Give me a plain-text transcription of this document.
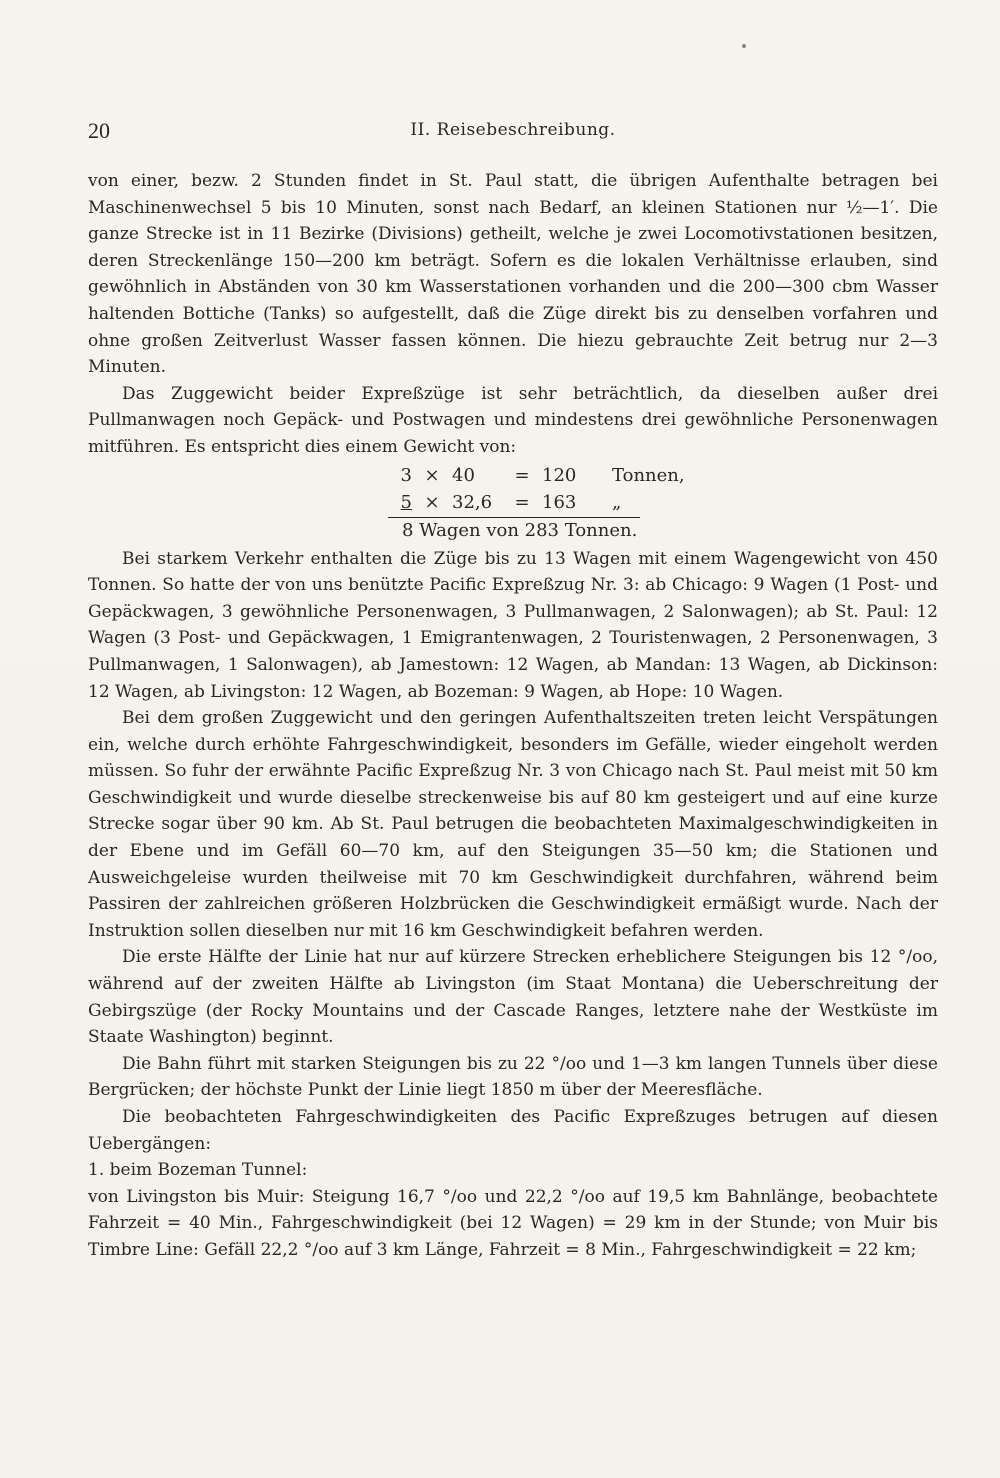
20	II. Reisebeschreibung.

von einer, bezw. 2 Stunden findet in St. Paul statt, die übrigen Aufenthalte betragen bei Maschinenwechsel 5 bis 10 Minuten, sonst nach Bedarf, an kleinen Stationen nur ½—1′. Die ganze Strecke ist in 11 Bezirke (Divisions) getheilt, welche je zwei Locomotivstationen besitzen, deren Streckenlänge 150—200 km beträgt. Sofern es die lokalen Verhältnisse erlauben, sind gewöhnlich in Abständen von 30 km Wasserstationen vorhanden und die 200—300 cbm Wasser haltenden Bottiche (Tanks) so aufgestellt, daß die Züge direkt bis zu denselben vorfahren und ohne großen Zeitverlust Wasser fassen können. Die hiezu gebrauchte Zeit betrug nur 2—3 Minuten.

Das Zuggewicht beider Expreßzüge ist sehr beträchtlich, da dieselben außer drei Pullmanwagen noch Gepäck- und Postwagen und mindestens drei gewöhnliche Personenwagen mitführen. Es entspricht dies einem Gewicht von:

3 × 40	= 120	Tonnen,
5 × 32,6	= 163	„
8 Wagen von 283 Tonnen.

Bei starkem Verkehr enthalten die Züge bis zu 13 Wagen mit einem Wagengewicht von 450 Tonnen. So hatte der von uns benützte Pacific Expreßzug Nr. 3: ab Chicago: 9 Wagen (1 Post- und Gepäckwagen, 3 gewöhnliche Personenwagen, 3 Pullmanwagen, 2 Salonwagen); ab St. Paul: 12 Wagen (3 Post- und Gepäckwagen, 1 Emigrantenwagen, 2 Touristenwagen, 2 Personenwagen, 3 Pullmanwagen, 1 Salonwagen), ab Jamestown: 12 Wagen, ab Mandan: 13 Wagen, ab Dickinson: 12 Wagen, ab Livingston: 12 Wagen, ab Bozeman: 9 Wagen, ab Hope: 10 Wagen.

Bei dem großen Zuggewicht und den geringen Aufenthaltszeiten treten leicht Verspätungen ein, welche durch erhöhte Fahrgeschwindigkeit, besonders im Gefälle, wieder eingeholt werden müssen. So fuhr der erwähnte Pacific Expreßzug Nr. 3 von Chicago nach St. Paul meist mit 50 km Geschwindigkeit und wurde dieselbe streckenweise bis auf 80 km gesteigert und auf eine kurze Strecke sogar über 90 km. Ab St. Paul betrugen die beobachteten Maximalgeschwindigkeiten in der Ebene und im Gefäll 60—70 km, auf den Steigungen 35—50 km; die Stationen und Ausweichgeleise wurden theilweise mit 70 km Geschwindigkeit durchfahren, während beim Passiren der zahlreichen größeren Holzbrücken die Geschwindigkeit ermäßigt wurde. Nach der Instruktion sollen dieselben nur mit 16 km Geschwindigkeit befahren werden.

Die erste Hälfte der Linie hat nur auf kürzere Strecken erheblichere Steigungen bis 12 °/oo, während auf der zweiten Hälfte ab Livingston (im Staat Montana) die Ueberschreitung der Gebirgszüge (der Rocky Mountains und der Cascade Ranges, letztere nahe der Westküste im Staate Washington) beginnt.

Die Bahn führt mit starken Steigungen bis zu 22 °/oo und 1—3 km langen Tunnels über diese Bergrücken; der höchste Punkt der Linie liegt 1850 m über der Meeresfläche.

Die beobachteten Fahrgeschwindigkeiten des Pacific Expreßzuges betrugen auf diesen Uebergängen:

1. beim Bozeman Tunnel:

von Livingston bis Muir: Steigung 16,7 °/oo und 22,2 °/oo auf 19,5 km Bahnlänge, beobachtete Fahrzeit = 40 Min., Fahrgeschwindigkeit (bei 12 Wagen) = 29 km in der Stunde; von Muir bis Timbre Line: Gefäll 22,2 °/oo auf 3 km Länge, Fahrzeit = 8 Min., Fahrgeschwindigkeit = 22 km;
